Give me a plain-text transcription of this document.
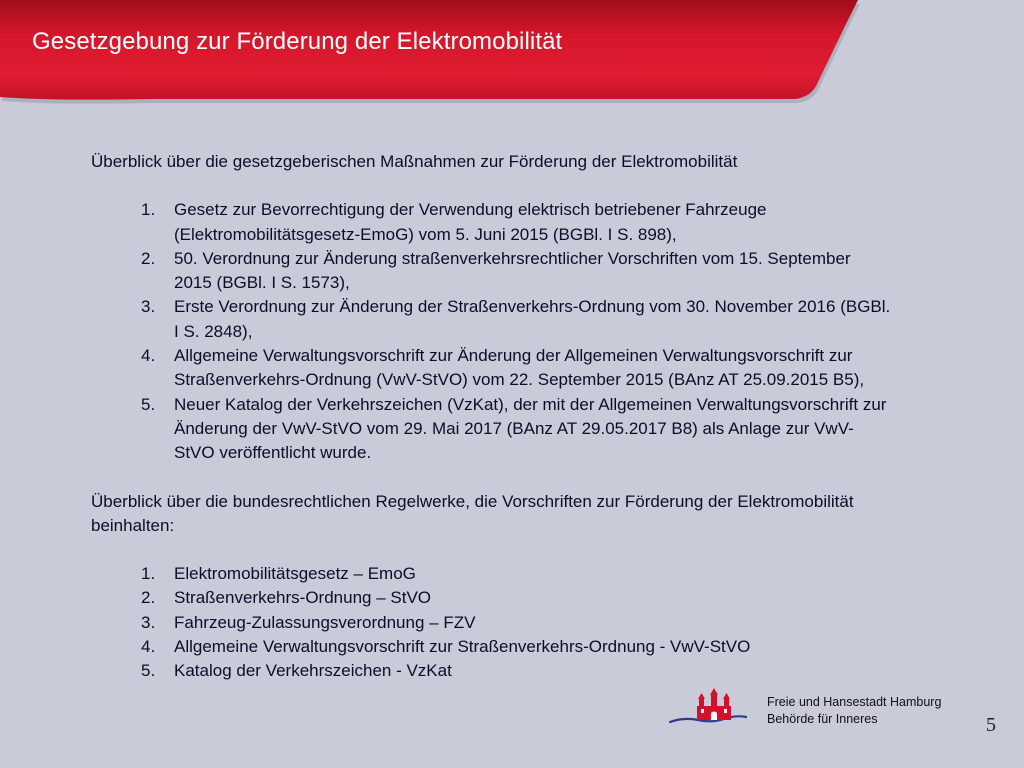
Gesetzgebung zur Förderung der Elektromobilität

Überblick über die gesetzgeberischen Maßnahmen zur Förderung der Elektromobilität

1. Gesetz zur Bevorrechtigung der Verwendung elektrisch betriebener Fahrzeuge (Elektromobilitätsgesetz-EmoG) vom 5. Juni 2015 (BGBl. I S. 898),
2. 50. Verordnung zur Änderung straßenverkehrsrechtlicher Vorschriften vom 15. September 2015 (BGBl. I S. 1573),
3. Erste Verordnung zur Änderung der Straßenverkehrs-Ordnung vom 30. November 2016 (BGBl. I S. 2848),
4. Allgemeine Verwaltungsvorschrift zur Änderung der Allgemeinen Verwaltungsvorschrift zur Straßenverkehrs-Ordnung (VwV-StVO) vom 22. September 2015 (BAnz AT 25.09.2015 B5),
5. Neuer Katalog der Verkehrszeichen (VzKat), der mit der Allgemeinen Verwaltungsvorschrift zur Änderung der VwV-StVO vom 29. Mai 2017 (BAnz AT 29.05.2017 B8) als Anlage zur VwV-StVO veröffentlicht wurde.

Überblick über die bundesrechtlichen Regelwerke, die Vorschriften zur Förderung der Elektromobilität beinhalten:

1. Elektromobilitätsgesetz – EmoG
2. Straßenverkehrs-Ordnung – StVO
3. Fahrzeug-Zulassungsverordnung – FZV
4. Allgemeine Verwaltungsvorschrift zur Straßenverkehrs-Ordnung - VwV-StVO
5. Katalog der Verkehrszeichen - VzKat
Freie und Hansestadt Hamburg
Behörde für Inneres	5
